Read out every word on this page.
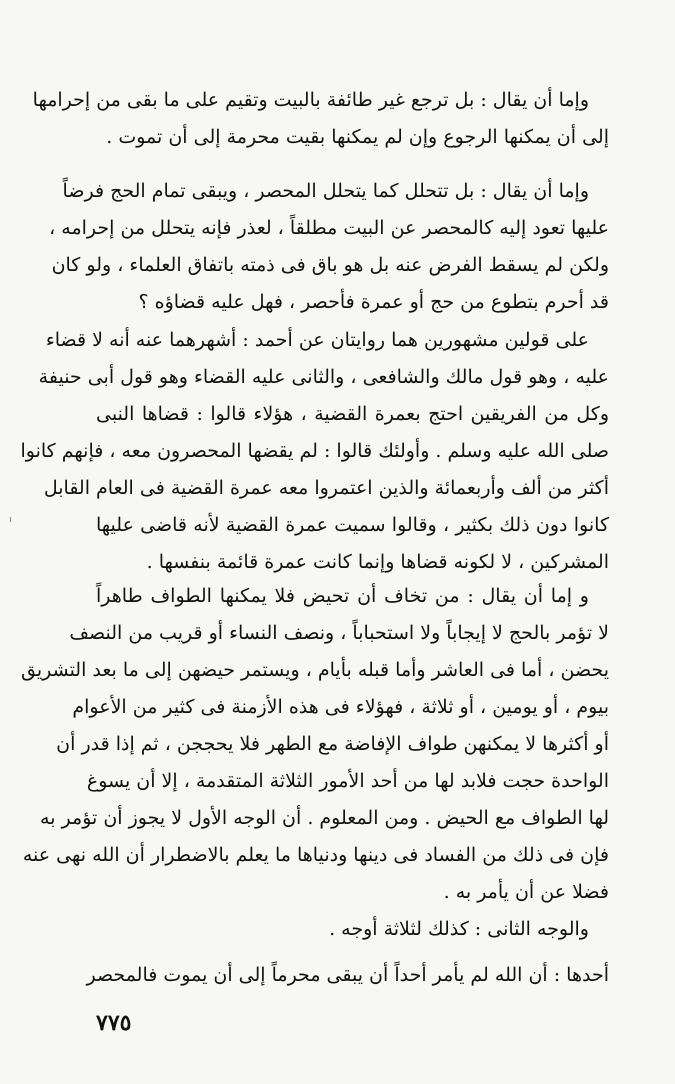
وإما أن يقال : بل ترجع غير طائفة بالبيت وتقيم على ما بقى من إحرامها
إلى أن يمكنها الرجوع وإن لم يمكنها بقيت محرمة إلى أن تموت .
وإما أن يقال : بل تتحلل كما يتحلل المحصر ، ويبقى تمام الحج فرضاً
عليها تعود إليه كالمحصر عن البيت مطلقاً ، لعذر فإنه يتحلل من إحرامه ،
ولكن لم يسقط الفرض عنه بل هو باق فى ذمته باتفاق العلماء ، ولو كان
قد أحرم بتطوع من حج أو عمرة فأحصر ، فهل عليه قضاؤه ؟
على قولين مشهورين هما روايتان عن أحمد : أشهرهما عنه أنه لا قضاء
عليه ، وهو قول مالك والشافعى ، والثانى عليه القضاء وهو قول أبى حنيفة
وكل من الفريقين احتج بعمرة القضية ، هؤلاء قالوا : قضاها النبى
صلى الله عليه وسلم . وأولئك قالوا : لم يقضها المحصرون معه ، فإنهم كانوا
أكثر من ألف وأربعمائة والذين اعتمروا معه عمرة القضية فى العام القابل
كانوا دون ذلك بكثير ، وقالوا سميت عمرة القضية لأنه قاضى عليها
المشركين ، لا لكونه قضاها وإنما كانت عمرة قائمة بنفسها .
و إما أن يقال : من تخاف أن تحيض فلا يمكنها الطواف طاهراً
لا تؤمر بالحج لا إيجاباً ولا استحباباً ، ونصف النساء أو قريب من النصف
يحضن ، أما فى العاشر وأما قبله بأيام ، ويستمر حيضهن إلى ما بعد التشريق
بيوم ، أو يومين ، أو ثلاثة ، فهؤلاء فى هذه الأزمنة فى كثير من الأعوام
أو أكثرها لا يمكنهن طواف الإفاضة مع الطهر فلا يحججن ، ثم إذا قدر أن
الواحدة حجت فلابد لها من أحد الأمور الثلاثة المتقدمة ، إلا أن يسوغ
لها الطواف مع الحيض . ومن المعلوم . أن الوجه الأول لا يجوز أن تؤمر به
فإن فى ذلك من الفساد فى دينها ودنياها ما يعلم بالاضطرار أن الله نهى عنه
فضلا عن أن يأمر به .
والوجه الثانى : كذلك لثلاثة أوجه .
أحدها : أن الله لم يأمر أحداً أن يبقى محرماً إلى أن يموت فالمحصر
٧٧٥
